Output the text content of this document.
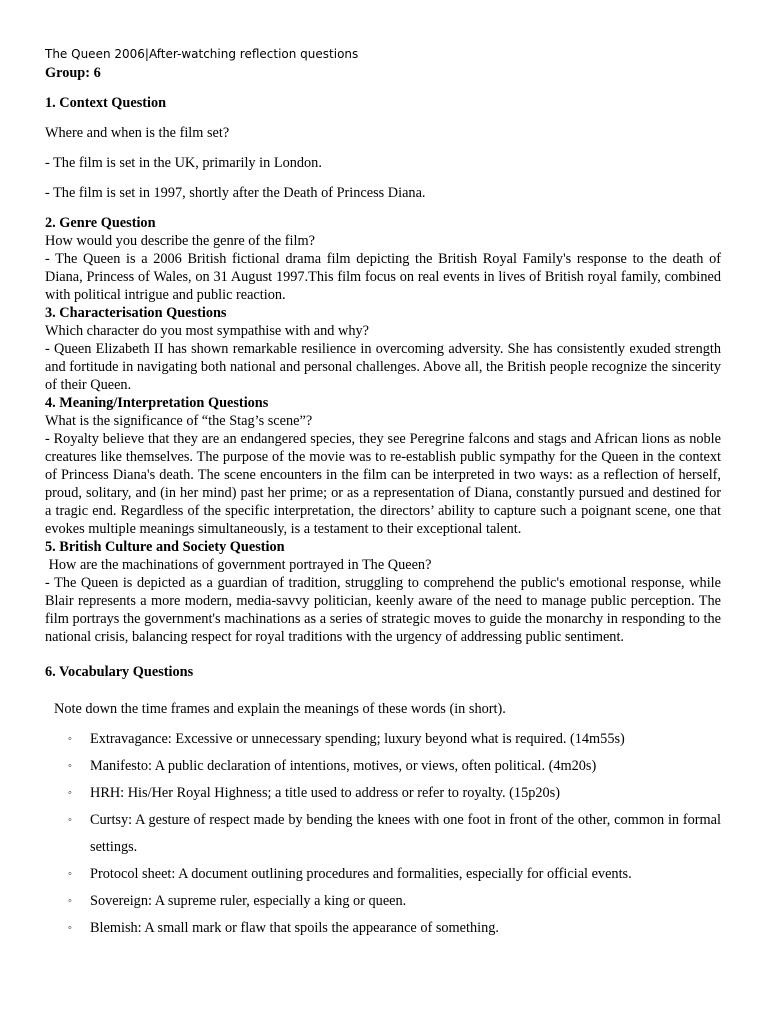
The Queen 2006|After-watching reflection questions
Group: 6
1. Context Question
Where and when is the film set?
- The film is set in the UK, primarily in London.
- The film is set in 1997, shortly after the Death of Princess Diana.
2. Genre Question
How would you describe the genre of the film?
- The Queen is a 2006 British fictional drama film depicting the British Royal Family's response to the death of Diana, Princess of Wales, on 31 August 1997.This film focus on real events in lives of British royal family, combined with political intrigue and public reaction.
3. Characterisation Questions
Which character do you most sympathise with and why?
- Queen Elizabeth II has shown remarkable resilience in overcoming adversity. She has consistently exuded strength and fortitude in navigating both national and personal challenges. Above all, the British people recognize the sincerity of their Queen.
4. Meaning/Interpretation Questions
What is the significance of “the Stag’s scene”?
- Royalty believe that they are an endangered species, they see Peregrine falcons and stags and African lions as noble creatures like themselves. The purpose of the movie was to re-establish public sympathy for the Queen in the context of Princess Diana's death. The scene encounters in the film can be interpreted in two ways: as a reflection of herself, proud, solitary, and (in her mind) past her prime; or as a representation of Diana, constantly pursued and destined for a tragic end. Regardless of the specific interpretation, the directors’ ability to capture such a poignant scene, one that evokes multiple meanings simultaneously, is a testament to their exceptional talent.
5. British Culture and Society Question
How are the machinations of government portrayed in The Queen?
- The Queen is depicted as a guardian of tradition, struggling to comprehend the public's emotional response, while Blair represents a more modern, media-savvy politician, keenly aware of the need to manage public perception. The film portrays the government's machinations as a series of strategic moves to guide the monarchy in responding to the national crisis, balancing respect for royal traditions with the urgency of addressing public sentiment.
6. Vocabulary Questions
Note down the time frames and explain the meanings of these words (in short).
◦ Extravagance: Excessive or unnecessary spending; luxury beyond what is required. (14m55s)
◦ Manifesto: A public declaration of intentions, motives, or views, often political. (4m20s)
◦ HRH: His/Her Royal Highness; a title used to address or refer to royalty. (15p20s)
◦ Curtsy: A gesture of respect made by bending the knees with one foot in front of the other, common in formal settings.
◦ Protocol sheet: A document outlining procedures and formalities, especially for official events.
◦ Sovereign: A supreme ruler, especially a king or queen.
◦ Blemish: A small mark or flaw that spoils the appearance of something.
